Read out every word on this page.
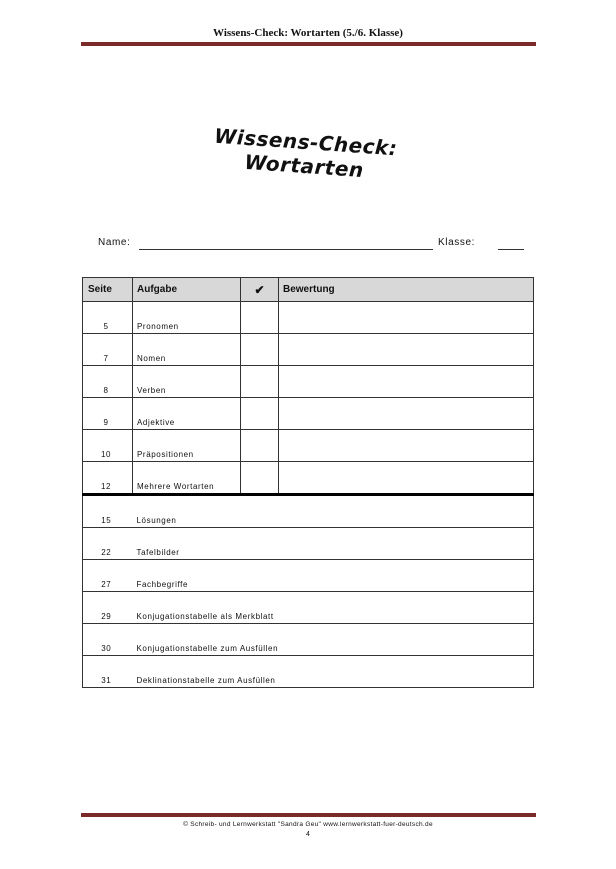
Wissens-Check: Wortarten (5./6. Klasse)
Wissens-Check: Wortarten
Name:	Klasse:
Seite	Aufgabe	✔	Bewertung
5	Pronomen		
7	Nomen		
8	Verben		
9	Adjektive		
10	Präpositionen		
12	Mehrere Wortarten		
15	Lösungen		
22	Tafelbilder		
27	Fachbegriffe		
29	Konjugationstabelle als Merkblatt		
30	Konjugationstabelle zum Ausfüllen		
31	Deklinationstabelle zum Ausfüllen		
© Schreib- und Lernwerkstatt "Sandra Geu" www.lernwerkstatt-fuer-deutsch.de
4
